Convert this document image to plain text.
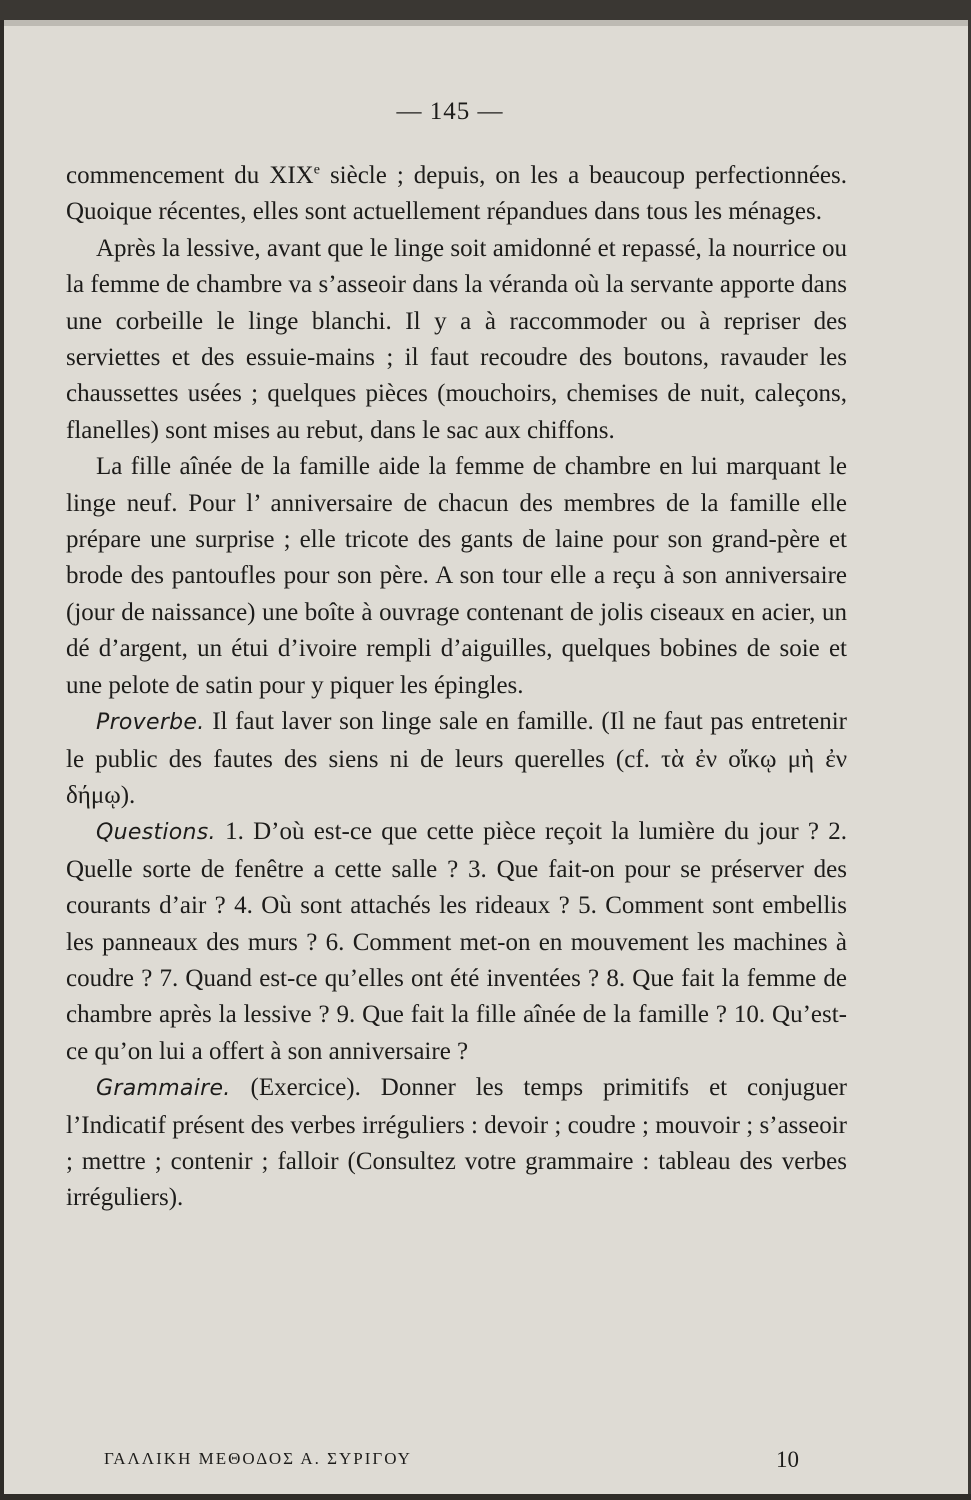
— 145 —

commencement du XIXe siècle ; depuis, on les a beaucoup perfectionnées. Quoique récentes, elles sont actuellement répandues dans tous les ménages.

Après la lessive, avant que le linge soit amidonné et repassé, la nourrice ou la femme de chambre va s’asseoir dans la véranda où la servante apporte dans une corbeille le linge blanchi. Il y a à raccommoder ou à repriser des serviettes et des essuie-mains ; il faut recoudre des boutons, ravauder les chaussettes usées ; quelques pièces (mouchoirs, chemises de nuit, caleçons, flanelles) sont mises au rebut, dans le sac aux chiffons.

La fille aînée de la famille aide la femme de chambre en lui marquant le linge neuf. Pour l’ anniversaire de chacun des membres de la famille elle prépare une surprise ; elle tricote des gants de laine pour son grand-père et brode des pantoufles pour son père. A son tour elle a reçu à son anniversaire (jour de naissance) une boîte à ouvrage contenant de jolis ciseaux en acier, un dé d’argent, un étui d’ivoire rempli d’aiguilles, quelques bobines de soie et une pelote de satin pour y piquer les épingles.

Proverbe. Il faut laver son linge sale en famille. (Il ne faut pas entretenir le public des fautes des siens ni de leurs querelles (cf. τὰ ἐν οἴκῳ μὴ ἐν δήμῳ).

Questions. 1. D’où est-ce que cette pièce reçoit la lumière du jour ? 2. Quelle sorte de fenêtre a cette salle ? 3. Que fait-on pour se préserver des courants d’air ? 4. Où sont attachés les rideaux ? 5. Comment sont embellis les panneaux des murs ? 6. Comment met-on en mouvement les machines à coudre ? 7. Quand est-ce qu’elles ont été inventées ? 8. Que fait la femme de chambre après la lessive ? 9. Que fait la fille aînée de la famille ? 10. Qu’est-ce qu’on lui a offert à son anniversaire ?

Grammaire. (Exercice). Donner les temps primitifs et conjuguer l’Indicatif présent des verbes irréguliers : devoir ; coudre ; mouvoir ; s’asseoir ; mettre ; contenir ; falloir (Consultez votre grammaire : tableau des verbes irréguliers).

ΓΑΛΛΙΚΗ ΜΕΘΟΔΟΣ Α. ΣΥΡΙΓΟΥ	10
